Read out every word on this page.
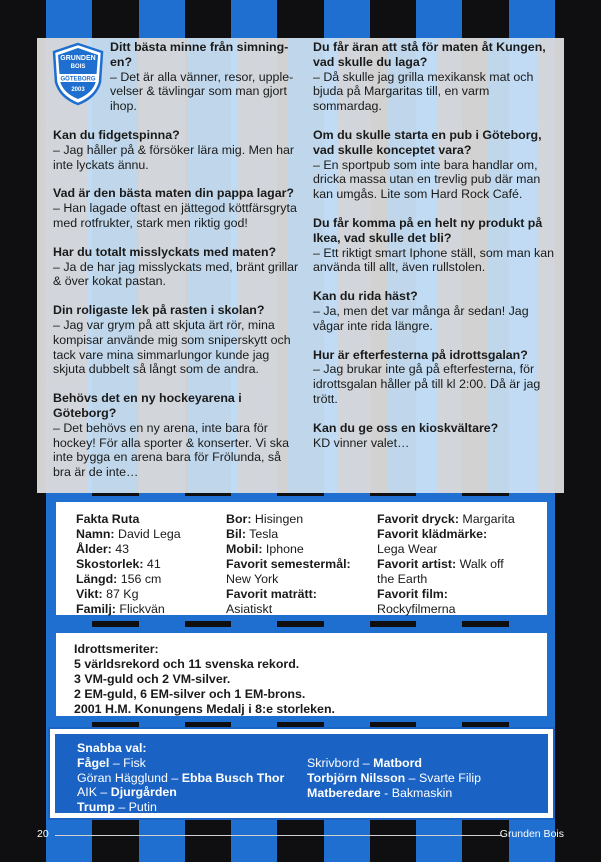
GRUNDEN
BOIS
GÖTEBORG
2003
Ditt bästa minne från simning-en?
– Det är alla vänner, resor, upple-velser & tävlingar som man gjort ihop.
Kan du fidgetspinna?
– Jag håller på & försöker lära mig. Men har inte lyckats ännu.
Vad är den bästa maten din pappa lagar?
– Han lagade oftast en jättegod köttfärsgryta med rotfrukter, stark men riktig god!
Har du totalt misslyckats med maten?
– Ja de har jag misslyckats med, bränt grillar & över kokat pastan.
Din roligaste lek på rasten i skolan?
– Jag var grym på att skjuta ärt rör, mina kompisar använde mig som sniperskytt och tack vare mina simmarlungor kunde jag skjuta dubbelt så långt som de andra.
Behövs det en ny hockeyarena i Göteborg?
– Det behövs en ny arena, inte bara för hockey! För alla sporter & konserter. Vi ska inte bygga en arena bara för Frölunda, så bra är de inte…
Du får äran att stå för maten åt Kungen, vad skulle du laga?
– Då skulle jag grilla mexikansk mat och bjuda på Margaritas till, en varm sommardag.
Om du skulle starta en pub i Göteborg, vad skulle konceptet vara?
– En sportpub som inte bara handlar om, dricka massa utan en trevlig pub där man kan umgås. Lite som Hard Rock Café.
Du får komma på en helt ny produkt på Ikea, vad skulle det bli?
– Ett riktigt smart Iphone ställ, som man kan använda till allt, även rullstolen.
Kan du rida häst?
– Ja, men det var många år sedan! Jag vågar inte rida längre.
Hur är efterfesterna på idrottsgalan?
– Jag brukar inte gå på efterfesterna, för idrottsgalan håller på till kl 2:00. Då är jag trött.
Kan du ge oss en kioskvältare?
KD vinner valet…
Fakta Ruta
Namn: David Lega
Ålder: 43
Skostorlek: 41
Längd: 156 cm
Vikt: 87 Kg
Familj: Flickvän
Bor: Hisingen
Bil: Tesla
Mobil: Iphone
Favorit semestermål:
New York
Favorit maträtt:
Asiatiskt
Favorit dryck: Margarita
Favorit klädmärke:
Lega Wear
Favorit artist: Walk off
the Earth
Favorit film:
Rockyfilmerna
Idrottsmeriter:
5 världsrekord och 11 svenska rekord.
3 VM-guld och 2 VM-silver.
2 EM-guld, 6 EM-silver och 1 EM-brons.
2001 H.M. Konungens Medalj i 8:e storleken.
Snabba val:
Fågel – Fisk
Göran Hägglund – Ebba Busch Thor
AIK – Djurgården
Trump – Putin
Skrivbord – Matbord
Torbjörn Nilsson – Svarte Filip
Matberedare - Bakmaskin
20	Grunden Bois
